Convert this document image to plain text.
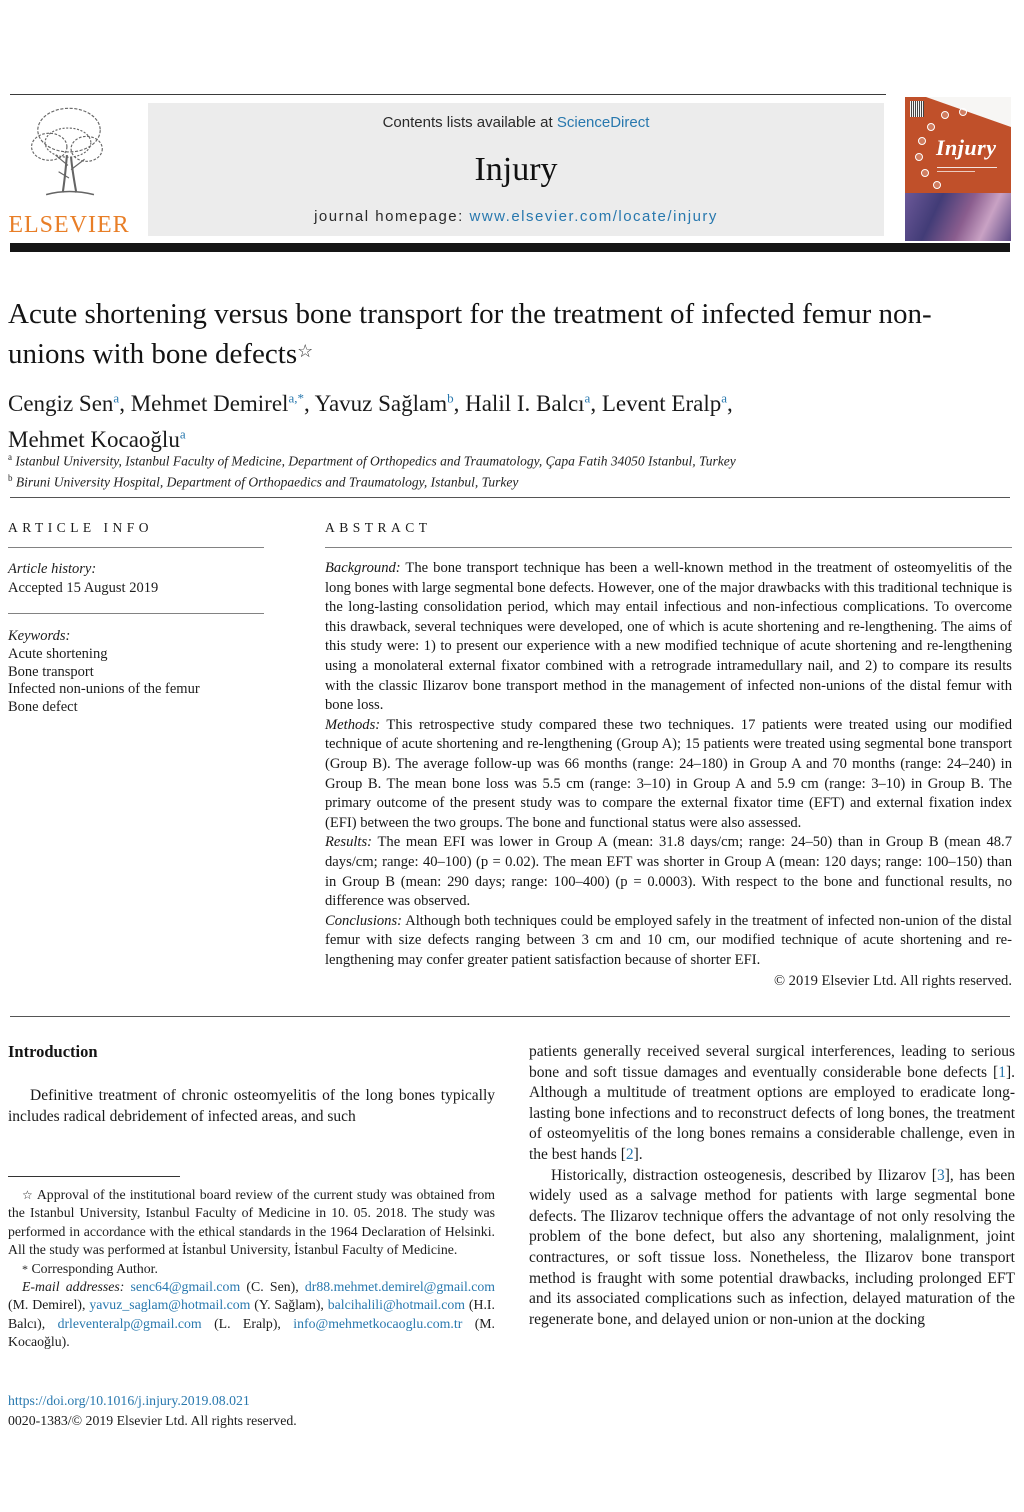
ELSEVIER
Contents lists available at ScienceDirect
Injury
journal homepage: www.elsevier.com/locate/injury
Injury
Acute shortening versus bone transport for the treatment of infected femur non-unions with bone defects☆
Cengiz Sen$^a$, Mehmet Demirel$^{a,*}$, Yavuz Sağlam$^b$, Halil I. Balcı$^a$, Levent Eralp$^a$,
Mehmet Kocaoğlu$^a$
$^a$ Istanbul University, Istanbul Faculty of Medicine, Department of Orthopedics and Traumatology, Çapa Fatih 34050 Istanbul, Turkey
$^b$ Biruni University Hospital, Department of Orthopaedics and Traumatology, Istanbul, Turkey
ARTICLE INFO
Article history:
Accepted 15 August 2019
Keywords:
Acute shortening
Bone transport
Infected non-unions of the femur
Bone defect
ABSTRACT

Background: The bone transport technique has been a well-known method in the treatment of osteomyelitis of the long bones with large segmental bone defects. However, one of the major drawbacks with this traditional technique is the long-lasting consolidation period, which may entail infectious and non-infectious complications. To overcome this drawback, several techniques were developed, one of which is acute shortening and re-lengthening. The aims of this study were: 1) to present our experience with a new modified technique of acute shortening and re-lengthening using a monolateral external fixator combined with a retrograde intramedullary nail, and 2) to compare its results with the classic Ilizarov bone transport method in the management of infected non-unions of the distal femur with bone loss.

Methods: This retrospective study compared these two techniques. 17 patients were treated using our modified technique of acute shortening and re-lengthening (Group A); 15 patients were treated using segmental bone transport (Group B). The average follow-up was 66 months (range: 24–180) in Group A and 70 months (range: 24–240) in Group B. The mean bone loss was 5.5 cm (range: 3–10) in Group A and 5.9 cm (range: 3–10) in Group B. The primary outcome of the present study was to compare the external fixator time (EFT) and external fixation index (EFI) between the two groups. The bone and functional status were also assessed.

Results: The mean EFI was lower in Group A (mean: 31.8 days/cm; range: 24–50) than in Group B (mean 48.7 days/cm; range: 40–100) (p = 0.02). The mean EFT was shorter in Group A (mean: 120 days; range: 100–150) than in Group B (mean: 290 days; range: 100–400) (p = 0.0003). With respect to the bone and functional results, no difference was observed.

Conclusions: Although both techniques could be employed safely in the treatment of infected non-union of the distal femur with size defects ranging between 3 cm and 10 cm, our modified technique of acute shortening and re-lengthening may confer greater patient satisfaction because of shorter EFI.

© 2019 Elsevier Ltd. All rights reserved.
Introduction

Definitive treatment of chronic osteomyelitis of the long bones typically includes radical debridement of infected areas, and such

patients generally received several surgical interferences, leading to serious bone and soft tissue damages and eventually considerable bone defects [1]. Although a multitude of treatment options are employed to eradicate long-lasting bone infections and to reconstruct defects of long bones, the treatment of osteomyelitis of the long bones remains a considerable challenge, even in the best hands [2].

Historically, distraction osteogenesis, described by Ilizarov [3], has been widely used as a salvage method for patients with large segmental bone defects. The Ilizarov technique offers the advantage of not only resolving the problem of the bone defect, but also any shortening, malalignment, joint contractures, or soft tissue loss. Nonetheless, the Ilizarov bone transport method is fraught with some potential drawbacks, including prolonged EFT and its associated complications such as infection, delayed maturation of the regenerate bone, and delayed union or non-union at the docking

☆ Approval of the institutional board review of the current study was obtained from the Istanbul University, Istanbul Faculty of Medicine in 10. 05. 2018. The study was performed in accordance with the ethical standards in the 1964 Declaration of Helsinki. All the study was performed at İstanbul University, İstanbul Faculty of Medicine.

* Corresponding Author.

E-mail addresses: senc64@gmail.com (C. Sen), dr88.mehmet.demirel@gmail.com (M. Demirel), yavuz_saglam@hotmail.com (Y. Sağlam), balcihalili@hotmail.com (H.I. Balcı), drleventeralp@gmail.com (L. Eralp), info@mehmetkocaoglu.com.tr (M. Kocaoğlu).

https://doi.org/10.1016/j.injury.2019.08.021
0020-1383/© 2019 Elsevier Ltd. All rights reserved.
